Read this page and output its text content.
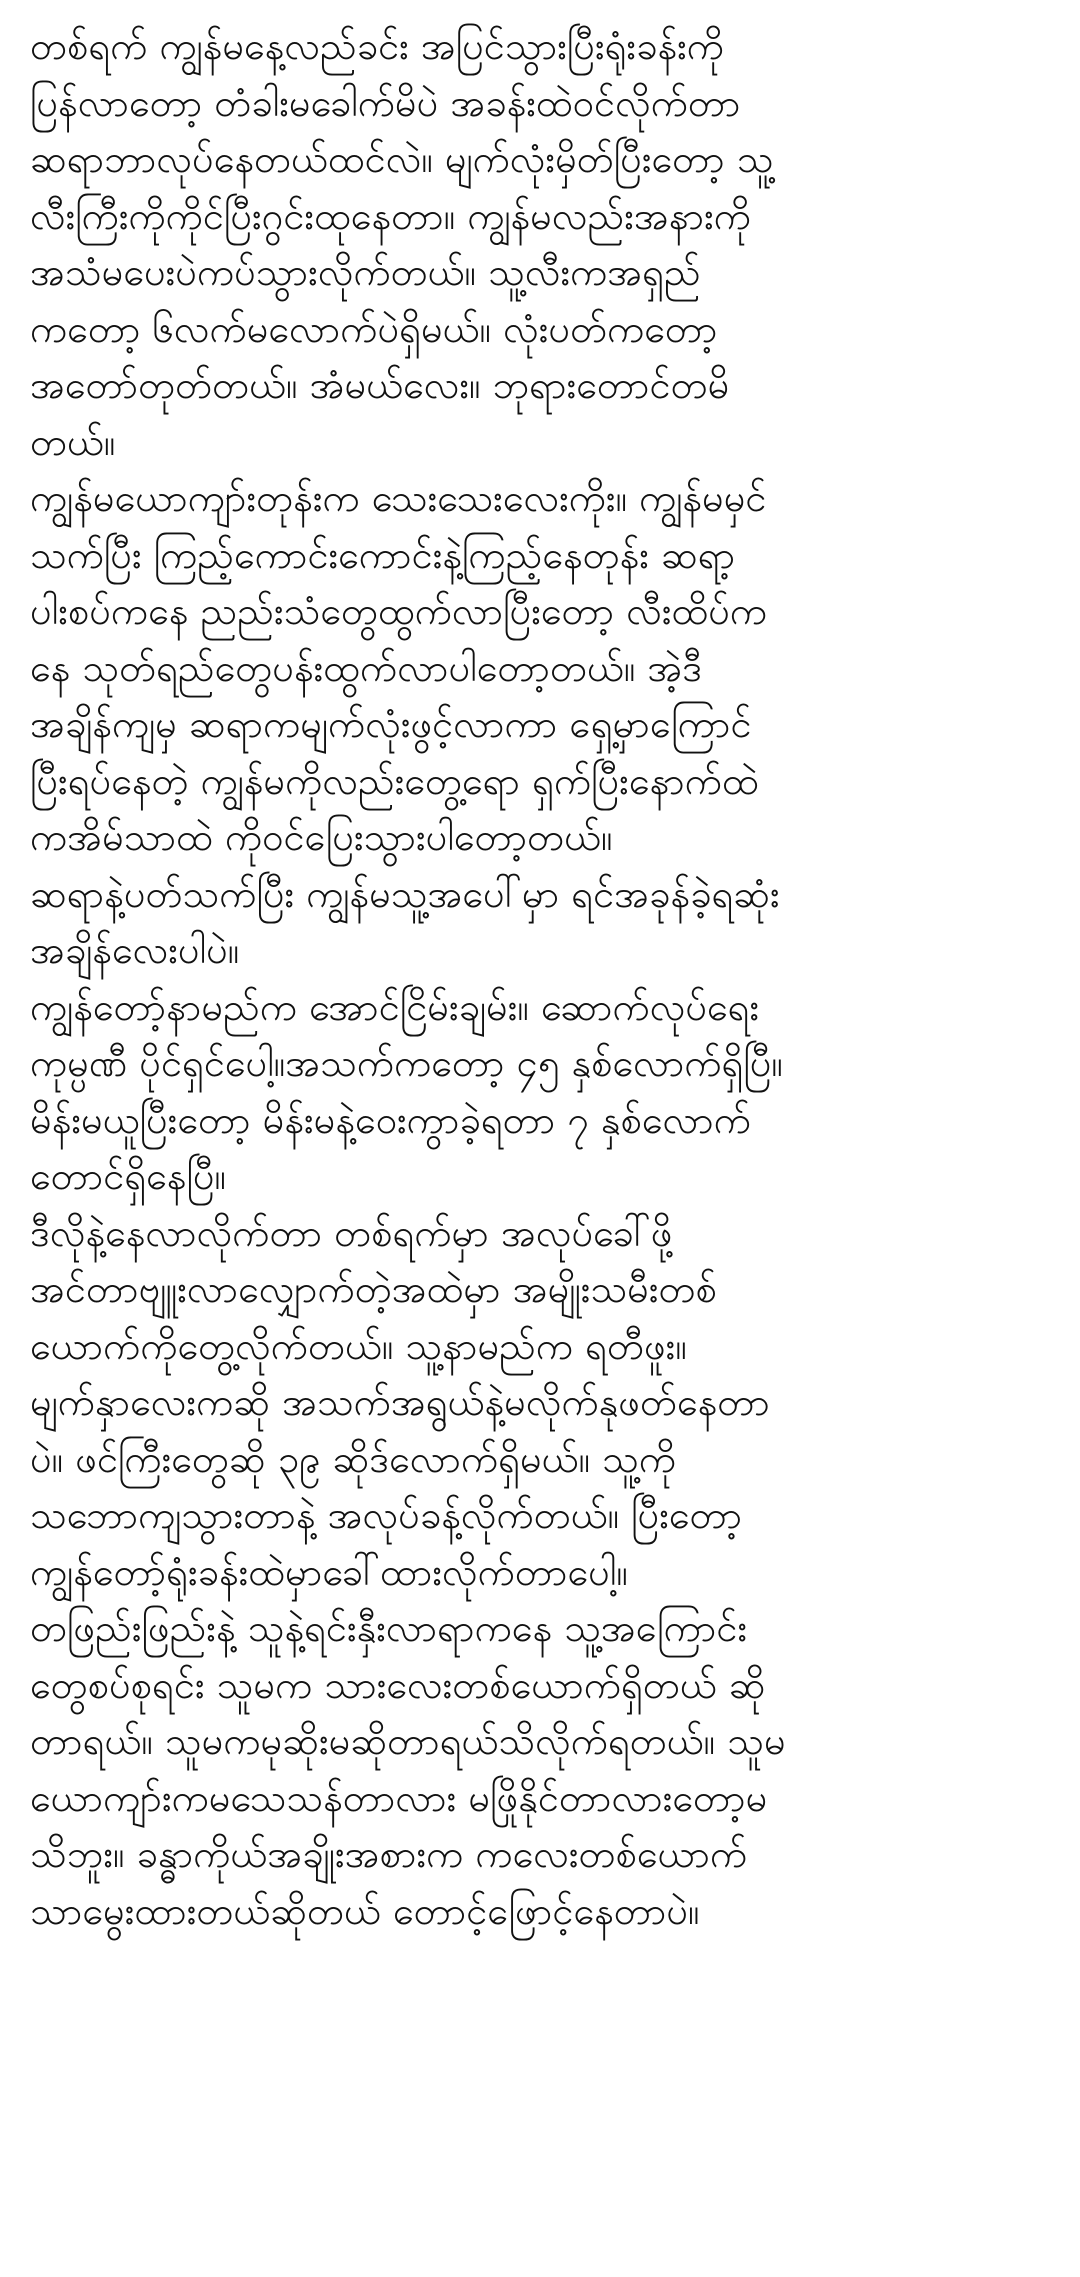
တစ်ရက် ကျွန်မနေ့လည်ခင်း အပြင်သွားပြီးရုံးခန်းကို
ပြန်လာတော့ တံခါးမခေါက်မိပဲ အခန်းထဲဝင်လိုက်တာ
ဆရာဘာလုပ်နေတယ်ထင်လဲ။ မျက်လုံးမှိတ်ပြီးတော့ သူ့
လီးကြီးကိုကိုင်ပြီးဂွင်းထုနေတာ။ ကျွန်မလည်းအနားကို
အသံမပေးပဲကပ်သွားလိုက်တယ်။ သူ့လီးကအရှည်
ကတော့ ၆လက်မလောက်ပဲရှိမယ်။ လုံးပတ်ကတော့
အတော်တုတ်တယ်။ အံမယ်လေး။ ဘုရားတောင်တမိ
တယ်။
ကျွန်မယောကျာ်းတုန်းက သေးသေးလေးကိုး။ ကျွန်မမှင်
သက်ပြီး ကြည့်ကောင်းကောင်းနဲ့ကြည့်နေတုန်း ဆရာ့
ပါးစပ်ကနေ ညည်းသံတွေထွက်လာပြီးတော့ လီးထိပ်က
နေ သုတ်ရည်တွေပန်းထွက်လာပါတော့တယ်။ အဲ့ဒီ
အချိန်ကျမှ ဆရာကမျက်လုံးဖွင့်လာကာ ရှေ့မှာကြောင်
ပြီးရပ်နေတဲ့ ကျွန်မကိုလည်းတွေ့ရော ရှက်ပြီးနောက်ထဲ
ကအိမ်သာထဲ ကိုဝင်ပြေးသွားပါတော့တယ်။
ဆရာနဲ့ပတ်သက်ပြီး ကျွန်မသူ့အပေါ်မှာ ရင်အခုန်ခဲ့ရဆုံး
အချိန်လေးပါပဲ။
ကျွန်တော့်နာမည်က အောင်ငြိမ်းချမ်း။ ဆောက်လုပ်ရေး
ကုမ္ပဏီ ပိုင်ရှင်ပေါ့။အသက်ကတော့ ၄၅ နှစ်လောက်ရှိပြီ။
မိန်းမယူပြီးတော့ မိန်းမနဲ့ဝေးကွာခဲ့ရတာ ၇ နှစ်လောက်
တောင်ရှိနေပြီ။
ဒီလိုနဲ့နေလာလိုက်တာ တစ်ရက်မှာ အလုပ်ခေါ်ဖို့
အင်တာဗျူးလာလျှောက်တဲ့အထဲမှာ အမျိုးသမီးတစ်
ယောက်ကိုတွေ့လိုက်တယ်။ သူ့နာမည်က ရတီဖူး။
မျက်နှာလေးကဆို အသက်အရွယ်နဲ့မလိုက်နုဖတ်နေတာ
ပဲ။ ဖင်ကြီးတွေဆို ၃၉ ဆိုဒ်လောက်ရှိမယ်။ သူ့ကို
သဘောကျသွားတာနဲ့ အလုပ်ခန့်လိုက်တယ်။ ပြီးတော့
ကျွန်တော့်ရုံးခန်းထဲမှာခေါ်ထားလိုက်တာပေါ့။
တဖြည်းဖြည်းနဲ့ သူနဲ့ရင်းနှီးလာရာကနေ သူ့အကြောင်း
တွေစပ်စုရင်း သူမက သားလေးတစ်ယောက်ရှိတယ် ဆို
တာရယ်။ သူမကမုဆိုးမဆိုတာရယ်သိလိုက်ရတယ်။ သူမ
ယောကျာ်းကမသေသန်တာလား မဖြိုနိုင်တာလားတော့မ
သိဘူး။ ခန္ဓာကိုယ်အချိုးအစားက ကလေးတစ်ယောက်
သာမွေးထားတယ်ဆိုတယ် တောင့်ဖြောင့်နေတာပဲ။
